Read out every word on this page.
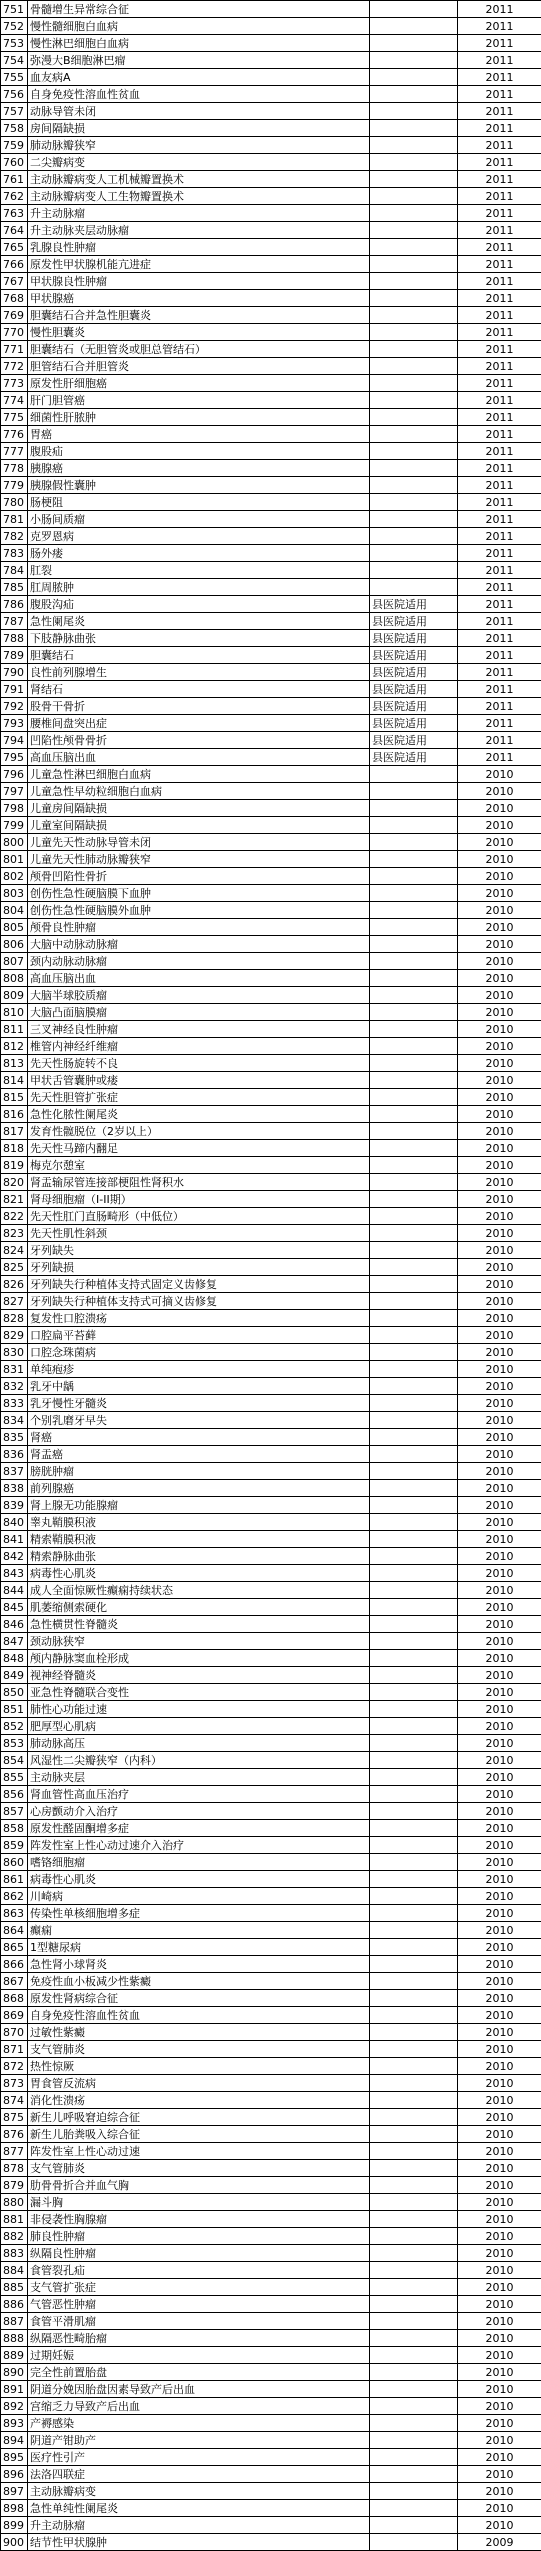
751	骨髓增生异常综合征		2011
752	慢性髓细胞白血病		2011
753	慢性淋巴细胞白血病		2011
754	弥漫大B细胞淋巴瘤		2011
755	血友病A		2011
756	自身免疫性溶血性贫血		2011
757	动脉导管未闭		2011
758	房间隔缺损		2011
759	肺动脉瓣狭窄		2011
760	二尖瓣病变		2011
761	主动脉瓣病变人工机械瓣置换术		2011
762	主动脉瓣病变人工生物瓣置换术		2011
763	升主动脉瘤		2011
764	升主动脉夹层动脉瘤		2011
765	乳腺良性肿瘤		2011
766	原发性甲状腺机能亢进症		2011
767	甲状腺良性肿瘤		2011
768	甲状腺癌		2011
769	胆囊结石合并急性胆囊炎		2011
770	慢性胆囊炎		2011
771	胆囊结石（无胆管炎或胆总管结石）		2011
772	胆管结石合并胆管炎		2011
773	原发性肝细胞癌		2011
774	肝门胆管癌		2011
775	细菌性肝脓肿		2011
776	胃癌		2011
777	腹股疝		2011
778	胰腺癌		2011
779	胰腺假性囊肿		2011
780	肠梗阻		2011
781	小肠间质瘤		2011
782	克罗恩病		2011
783	肠外瘘		2011
784	肛裂		2011
785	肛周脓肿		2011
786	腹股沟疝	县医院适用	2011
787	急性阑尾炎	县医院适用	2011
788	下肢静脉曲张	县医院适用	2011
789	胆囊结石	县医院适用	2011
790	良性前列腺增生	县医院适用	2011
791	肾结石	县医院适用	2011
792	股骨干骨折	县医院适用	2011
793	腰椎间盘突出症	县医院适用	2011
794	凹陷性颅骨骨折	县医院适用	2011
795	高血压脑出血	县医院适用	2011
796	儿童急性淋巴细胞白血病		2010
797	儿童急性早幼粒细胞白血病		2010
798	儿童房间隔缺损		2010
799	儿童室间隔缺损		2010
800	儿童先天性动脉导管未闭		2010
801	儿童先天性肺动脉瓣狭窄		2010
802	颅骨凹陷性骨折		2010
803	创伤性急性硬脑膜下血肿		2010
804	创伤性急性硬脑膜外血肿		2010
805	颅骨良性肿瘤		2010
806	大脑中动脉动脉瘤		2010
807	颈内动脉动脉瘤		2010
808	高血压脑出血		2010
809	大脑半球胶质瘤		2010
810	大脑凸面脑膜瘤		2010
811	三叉神经良性肿瘤		2010
812	椎管内神经纤维瘤		2010
813	先天性肠旋转不良		2010
814	甲状舌管囊肿或瘘		2010
815	先天性胆管扩张症		2010
816	急性化脓性阑尾炎		2010
817	发育性髋脱位（2岁以上）		2010
818	先天性马蹄内翻足		2010
819	梅克尔憩室		2010
820	肾盂输尿管连接部梗阻性肾积水		2010
821	肾母细胞瘤（I-II期）		2010
822	先天性肛门直肠畸形（中低位）		2010
823	先天性肌性斜颈		2010
824	牙列缺失		2010
825	牙列缺损		2010
826	牙列缺失行种植体支持式固定义齿修复		2010
827	牙列缺失行种植体支持式可摘义齿修复		2010
828	复发性口腔溃疡		2010
829	口腔扁平苔藓		2010
830	口腔念珠菌病		2010
831	单纯疱疹		2010
832	乳牙中龋		2010
833	乳牙慢性牙髓炎		2010
834	个别乳磨牙早失		2010
835	肾癌		2010
836	肾盂癌		2010
837	膀胱肿瘤		2010
838	前列腺癌		2010
839	肾上腺无功能腺瘤		2010
840	睾丸鞘膜积液		2010
841	精索鞘膜积液		2010
842	精索静脉曲张		2010
843	病毒性心肌炎		2010
844	成人全面惊厥性癫痫持续状态		2010
845	肌萎缩侧索硬化		2010
846	急性横贯性脊髓炎		2010
847	颈动脉狭窄		2010
848	颅内静脉窦血栓形成		2010
849	视神经脊髓炎		2010
850	亚急性脊髓联合变性		2010
851	肺性心功能过速		2010
852	肥厚型心肌病		2010
853	肺动脉高压		2010
854	风湿性二尖瓣狭窄（内科）		2010
855	主动脉夹层		2010
856	肾血管性高血压治疗		2010
857	心房颤动介入治疗		2010
858	原发性醛固酮增多症		2010
859	阵发性室上性心动过速介入治疗		2010
860	嗜铬细胞瘤		2010
861	病毒性心肌炎		2010
862	川崎病		2010
863	传染性单核细胞增多症		2010
864	癫痫		2010
865	1型糖尿病		2010
866	急性肾小球肾炎		2010
867	免疫性血小板减少性紫癜		2010
868	原发性肾病综合征		2010
869	自身免疫性溶血性贫血		2010
870	过敏性紫癜		2010
871	支气管肺炎		2010
872	热性惊厥		2010
873	胃食管反流病		2010
874	消化性溃疡		2010
875	新生儿呼吸窘迫综合征		2010
876	新生儿胎粪吸入综合征		2010
877	阵发性室上性心动过速		2010
878	支气管肺炎		2010
879	肋骨骨折合并血气胸		2010
880	漏斗胸		2010
881	非侵袭性胸腺瘤		2010
882	肺良性肿瘤		2010
883	纵隔良性肿瘤		2010
884	食管裂孔疝		2010
885	支气管扩张症		2010
886	气管恶性肿瘤		2010
887	食管平滑肌瘤		2010
888	纵隔恶性畸胎瘤		2010
889	过期妊娠		2010
890	完全性前置胎盘		2010
891	阴道分娩因胎盘因素导致产后出血		2010
892	宫缩乏力导致产后出血		2010
893	产褥感染		2010
894	阴道产钳助产		2010
895	医疗性引产		2010
896	法洛四联症		2010
897	主动脉瓣病变		2010
898	急性单纯性阑尾炎		2010
899	升主动脉瘤		2010
900	结节性甲状腺肿		2009
